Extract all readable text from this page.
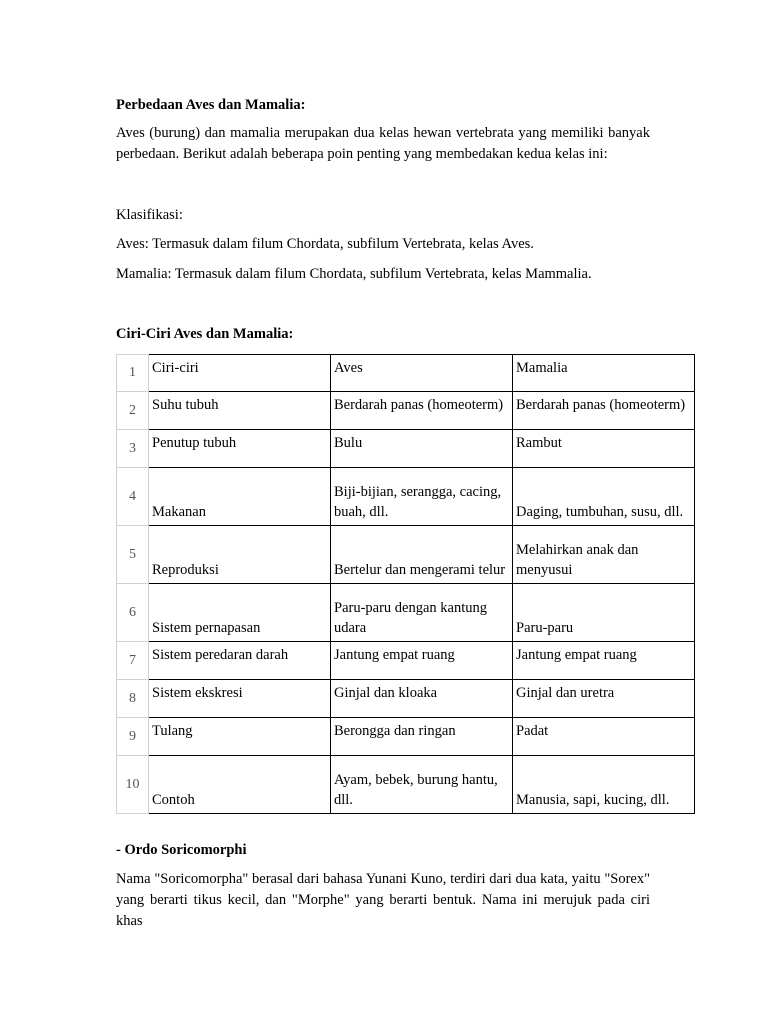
Perbedaan Aves dan Mamalia:
Aves (burung) dan mamalia merupakan dua kelas hewan vertebrata yang memiliki banyak perbedaan. Berikut adalah beberapa poin penting yang membedakan kedua kelas ini:
Klasifikasi:
Aves: Termasuk dalam filum Chordata, subfilum Vertebrata, kelas Aves.
Mamalia: Termasuk dalam filum Chordata, subfilum Vertebrata, kelas Mammalia.
Ciri-Ciri Aves dan Mamalia:
1	Ciri-ciri	Aves	Mamalia
2	Suhu tubuh	Berdarah panas (homeoterm)	Berdarah panas (homeoterm)
3	Penutup tubuh	Bulu	Rambut
4	Makanan	Biji-bijian, serangga, cacing, buah, dll.	Daging, tumbuhan, susu, dll.
5	Reproduksi	Bertelur dan mengerami telur	Melahirkan anak dan menyusui
6	Sistem pernapasan	Paru-paru dengan kantung udara	Paru-paru
7	Sistem peredaran darah	Jantung empat ruang	Jantung empat ruang
8	Sistem ekskresi	Ginjal dan kloaka	Ginjal dan uretra
9	Tulang	Berongga dan ringan	Padat
10	Contoh	Ayam, bebek, burung hantu, dll.	Manusia, sapi, kucing, dll.
- Ordo Soricomorphi
Nama "Soricomorpha" berasal dari bahasa Yunani Kuno, terdiri dari dua kata, yaitu "Sorex" yang berarti tikus kecil, dan "Morphe" yang berarti bentuk. Nama ini merujuk pada ciri khas
